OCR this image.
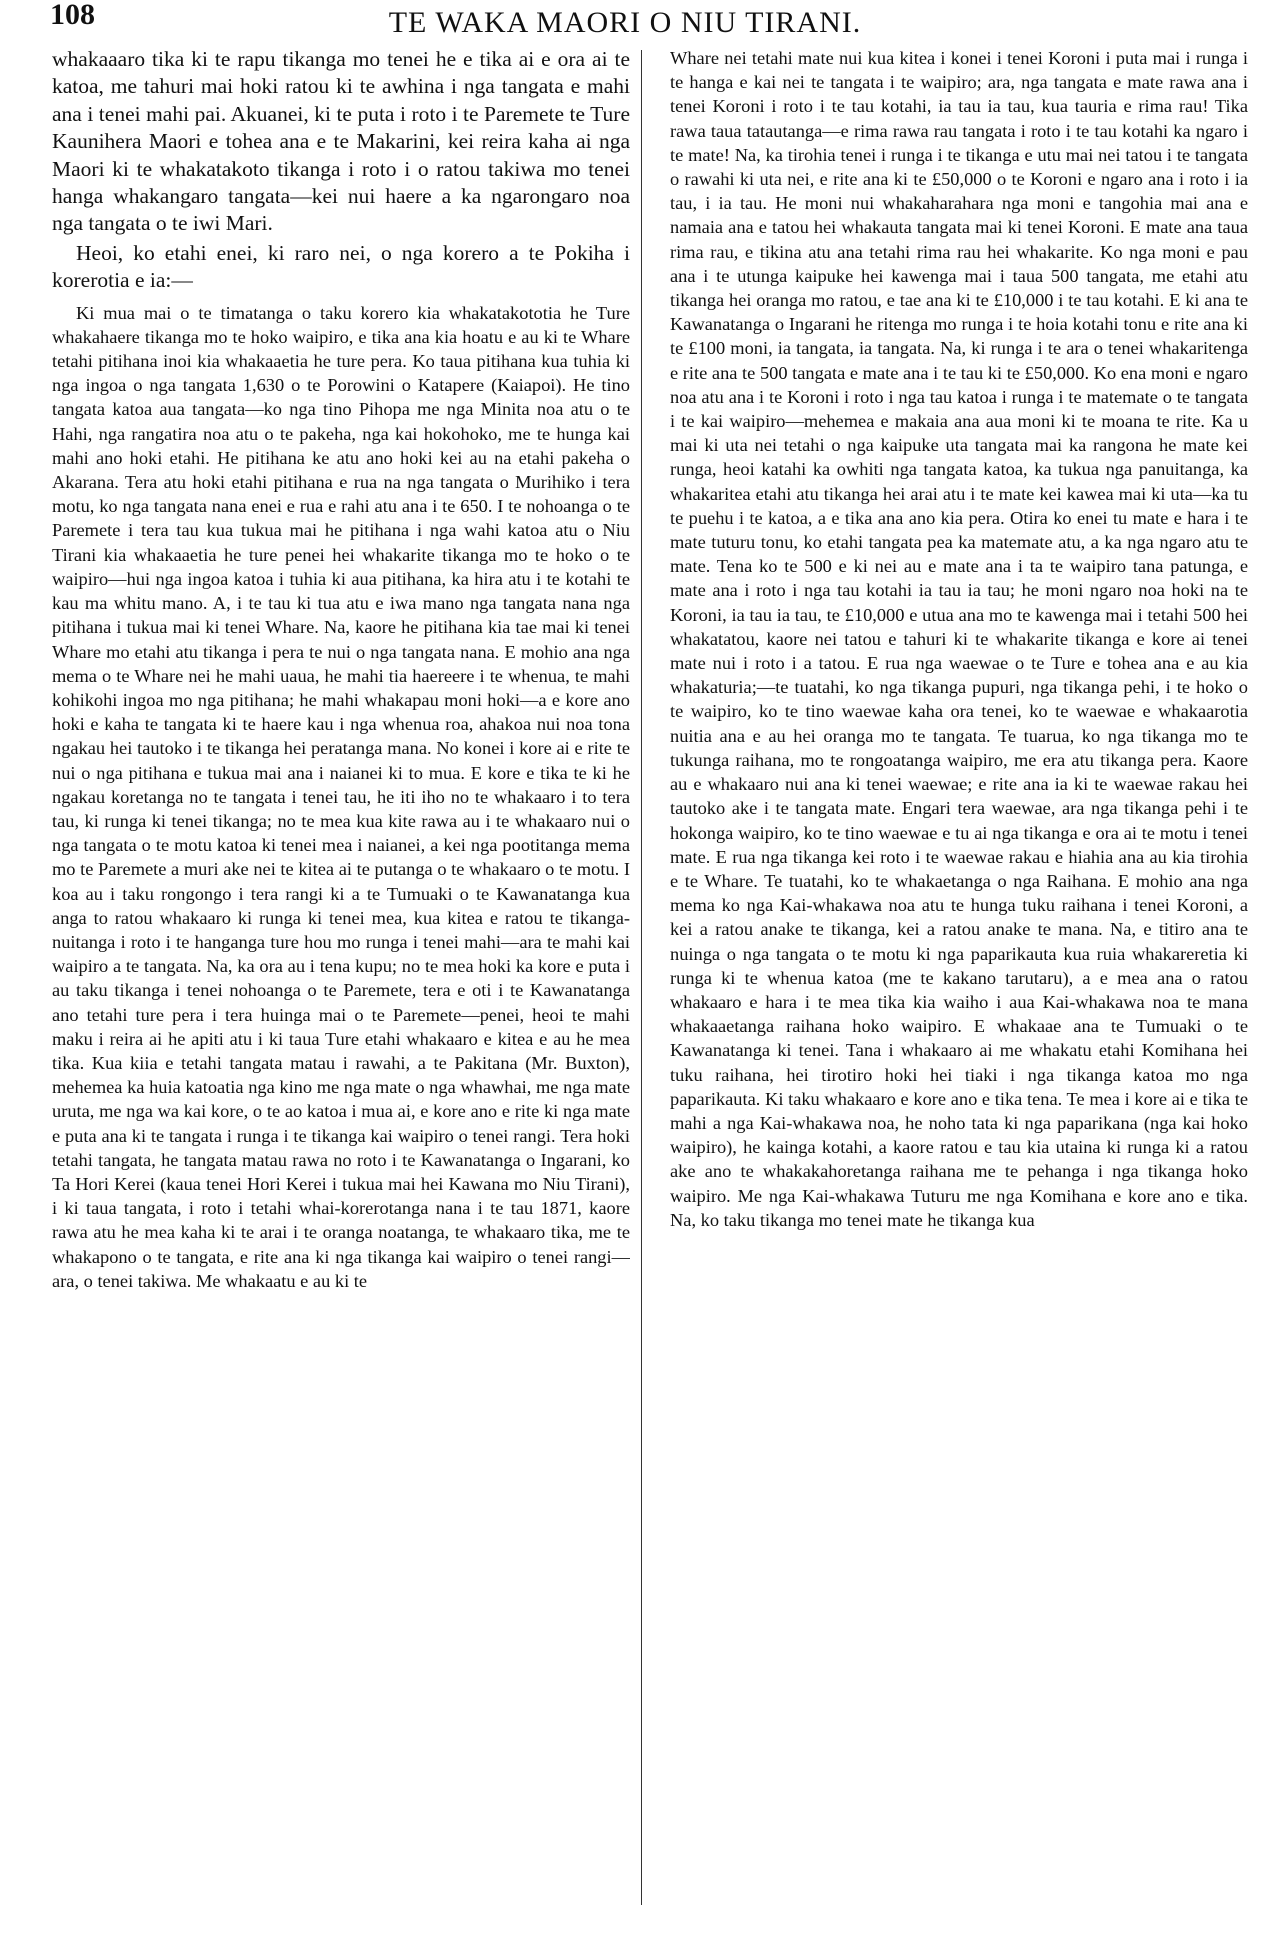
108	TE WAKA MAORI O NIU TIRANI.

whakaaaro tika ki te rapu tikanga mo tenei he e tika ai e ora ai te katoa, me tahuri mai hoki ratou ki te awhina i nga tangata e mahi ana i tenei mahi pai. Akuanei, ki te puta i roto i te Paremete te Ture Kaunihera Maori e tohea ana e te Makarini, kei reira kaha ai nga Maori ki te whakatakoto tikanga i roto i o ratou takiwa mo tenei hanga whakangaro tangata—kei nui haere a ka ngarongaro noa nga tangata o te iwi Mari.

Heoi, ko etahi enei, ki raro nei, o nga korero a te Pokiha i korerotia e ia:—

Ki mua mai o te timatanga o taku korero kia whakatakototia he Ture whakahaere tikanga mo te hoko waipiro, e tika ana kia hoatu e au ki te Whare tetahi pitihana inoi kia whakaaetia he ture pera. Ko taua pitihana kua tuhia ki nga ingoa o nga tangata 1,630 o te Porowini o Katapere (Kaiapoi). He tino tangata katoa aua tangata—ko nga tino Pihopa me nga Minita noa atu o te Hahi, nga rangatira noa atu o te pakeha, nga kai hokohoko, me te hunga kai mahi ano hoki etahi. He pitihana ke atu ano hoki kei au na etahi pakeha o Akarana. Tera atu hoki etahi pitihana e rua na nga tangata o Murihiko i tera motu, ko nga tangata nana enei e rua e rahi atu ana i te 650. I te nohoanga o te Paremete i tera tau kua tukua mai he pitihana i nga wahi katoa atu o Niu Tirani kia whakaaetia he ture penei hei whakarite tikanga mo te hoko o te waipiro—hui nga ingoa katoa i tuhia ki aua pitihana, ka hira atu i te kotahi te kau ma whitu mano. A, i te tau ki tua atu e iwa mano nga tangata nana nga pitihana i tukua mai ki tenei Whare. Na, kaore he pitihana kia tae mai ki tenei Whare mo etahi atu tikanga i pera te nui o nga tangata nana. E mohio ana nga mema o te Whare nei he mahi uaua, he mahi tia haereere i te whenua, te mahi kohikohi ingoa mo nga pitihana; he mahi whakapau moni hoki—a e kore ano hoki e kaha te tangata ki te haere kau i nga whenua roa, ahakoa nui noa tona ngakau hei tautoko i te tikanga hei peratanga mana. No konei i kore ai e rite te nui o nga pitihana e tukua mai ana i naianei ki to mua. E kore e tika te ki he ngakau koretanga no te tangata i tenei tau, he iti iho no te whakaaro i to tera tau, ki runga ki tenei tikanga; no te mea kua kite rawa au i te whakaaro nui o nga tangata o te motu katoa ki tenei mea i naianei, a kei nga pootitanga mema mo te Paremete a muri ake nei te kitea ai te putanga o te whakaaro o te motu. I koa au i taku rongongo i tera rangi ki a te Tumuaki o te Kawanatanga kua anga to ratou whakaaro ki runga ki tenei mea, kua kitea e ratou te tikanga-nuitanga i roto i te hanganga ture hou mo runga i tenei mahi—ara te mahi kai waipiro a te tangata. Na, ka ora au i tena kupu; no te mea hoki ka kore e puta i au taku tikanga i tenei nohoanga o te Paremete, tera e oti i te Kawanatanga ano tetahi ture pera i tera huinga mai o te Paremete—penei, heoi te mahi maku i reira ai he apiti atu i ki taua Ture etahi whakaaro e kitea e au he mea tika. Kua kiia e tetahi tangata matau i rawahi, a te Pakitana (Mr. Buxton), mehemea ka huia katoatia nga kino me nga mate o nga whawhai, me nga mate uruta, me nga wa kai kore, o te ao katoa i mua ai, e kore ano e rite ki nga mate e puta ana ki te tangata i runga i te tikanga kai waipiro o tenei rangi. Tera hoki tetahi tangata, he tangata matau rawa no roto i te Kawanatanga o Ingarani, ko Ta Hori Kerei (kaua tenei Hori Kerei i tukua mai hei Kawana mo Niu Tirani), i ki taua tangata, i roto i tetahi whai-korerotanga nana i te tau 1871, kaore rawa atu he mea kaha ki te arai i te oranga noatanga, te whakaaro tika, me te whakapono o te tangata, e rite ana ki nga tikanga kai waipiro o tenei rangi—ara, o tenei takiwa. Me whakaatu e au ki te

Whare nei tetahi mate nui kua kitea i konei i tenei Koroni i puta mai i runga i te hanga e kai nei te tangata i te waipiro; ara, nga tangata e mate rawa ana i tenei Koroni i roto i te tau kotahi, ia tau ia tau, kua tauria e rima rau! Tika rawa taua tatautanga—e rima rawa rau tangata i roto i te tau kotahi ka ngaro i te mate! Na, ka tirohia tenei i runga i te tikanga e utu mai nei tatou i te tangata o rawahi ki uta nei, e rite ana ki te £50,000 o te Koroni e ngaro ana i roto i ia tau, i ia tau. He moni nui whakaharahara nga moni e tangohia mai ana e namaia ana e tatou hei whakauta tangata mai ki tenei Koroni. E mate ana taua rima rau, e tikina atu ana tetahi rima rau hei whakarite. Ko nga moni e pau ana i te utunga kaipuke hei kawenga mai i taua 500 tangata, me etahi atu tikanga hei oranga mo ratou, e tae ana ki te £10,000 i te tau kotahi. E ki ana te Kawanatanga o Ingarani he ritenga mo runga i te hoia kotahi tonu e rite ana ki te £100 moni, ia tangata, ia tangata. Na, ki runga i te ara o tenei whakaritenga e rite ana te 500 tangata e mate ana i te tau ki te £50,000. Ko ena moni e ngaro noa atu ana i te Koroni i roto i nga tau katoa i runga i te matemate o te tangata i te kai waipiro—mehemea e makaia ana aua moni ki te moana te rite. Ka u mai ki uta nei tetahi o nga kaipuke uta tangata mai ka rangona he mate kei runga, heoi katahi ka owhiti nga tangata katoa, ka tukua nga panuitanga, ka whakaritea etahi atu tikanga hei arai atu i te mate kei kawea mai ki uta—ka tu te puehu i te katoa, a e tika ana ano kia pera. Otira ko enei tu mate e hara i te mate tuturu tonu, ko etahi tangata pea ka matemate atu, a ka nga ngaro atu te mate. Tena ko te 500 e ki nei au e mate ana i ta te waipiro tana patunga, e mate ana i roto i nga tau kotahi ia tau ia tau; he moni ngaro noa hoki na te Koroni, ia tau ia tau, te £10,000 e utua ana mo te kawenga mai i tetahi 500 hei whakatatou, kaore nei tatou e tahuri ki te whakarite tikanga e kore ai tenei mate nui i roto i a tatou. E rua nga waewae o te Ture e tohea ana e au kia whakaturia;—te tuatahi, ko nga tikanga pupuri, nga tikanga pehi, i te hoko o te waipiro, ko te tino waewae kaha ora tenei, ko te waewae e whakaarotia nuitia ana e au hei oranga mo te tangata. Te tuarua, ko nga tikanga mo te tukunga raihana, mo te rongoatanga waipiro, me era atu tikanga pera. Kaore au e whakaaro nui ana ki tenei waewae; e rite ana ia ki te waewae rakau hei tautoko ake i te tangata mate. Engari tera waewae, ara nga tikanga pehi i te hokonga waipiro, ko te tino waewae e tu ai nga tikanga e ora ai te motu i tenei mate. E rua nga tikanga kei roto i te waewae rakau e hiahia ana au kia tirohia e te Whare. Te tuatahi, ko te whakaetanga o nga Raihana. E mohio ana nga mema ko nga Kai-whakawa noa atu te hunga tuku raihana i tenei Koroni, a kei a ratou anake te tikanga, kei a ratou anake te mana. Na, e titiro ana te nuinga o nga tangata o te motu ki nga paparikauta kua ruia whakareretia ki runga ki te whenua katoa (me te kakano tarutaru), a e mea ana o ratou whakaaro e hara i te mea tika kia waiho i aua Kai-whakawa noa te mana whakaaetanga raihana hoko waipiro. E whakaae ana te Tumuaki o te Kawanatanga ki tenei. Tana i whakaaro ai me whakatu etahi Komihana hei tuku raihana, hei tirotiro hoki hei tiaki i nga tikanga katoa mo nga paparikauta. Ki taku whakaaro e kore ano e tika tena. Te mea i kore ai e tika te mahi a nga Kai-whakawa noa, he noho tata ki nga paparikana (nga kai hoko waipiro), he kainga kotahi, a kaore ratou e tau kia utaina ki runga ki a ratou ake ano te whakakahoretanga raihana me te pehanga i nga tikanga hoko waipiro. Me nga Kai-whakawa Tuturu me nga Komihana e kore ano e tika. Na, ko taku tikanga mo tenei mate he tikanga kua
